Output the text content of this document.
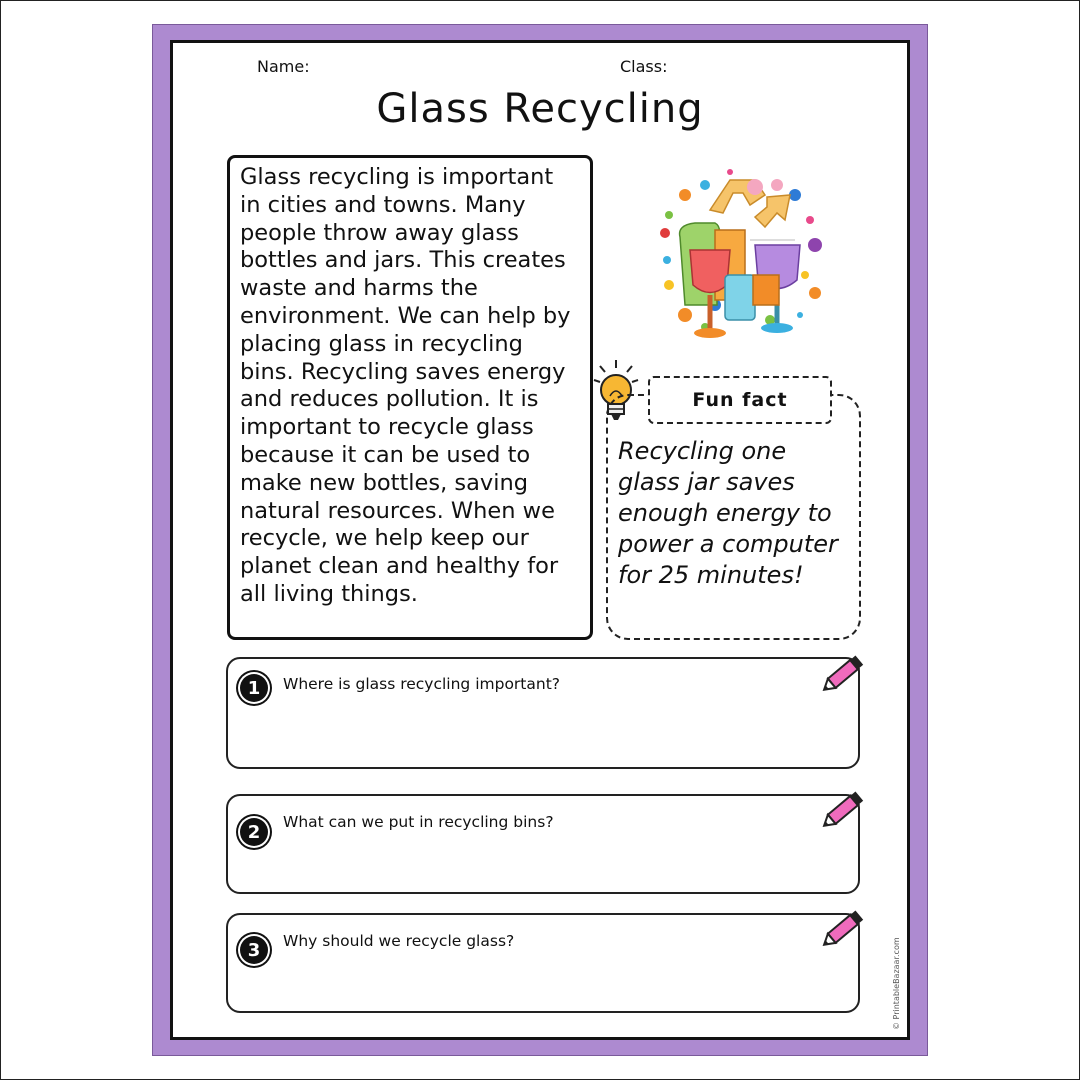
Name:	Class:
Glass Recycling
Glass recycling is important in cities and towns. Many people throw away glass bottles and jars. This creates waste and harms the environment. We can help by placing glass in recycling bins. Recycling saves energy and reduces pollution. It is important to recycle glass because it can be used to make new bottles, saving natural resources. When we recycle, we help keep our planet clean and healthy for all living things.
Fun fact
Recycling one glass jar saves enough energy to power a computer for 25 minutes!
1	Where is glass recycling important?
2	What can we put in recycling bins?
3	Why should we recycle glass?	© PrintableBazaar.com
